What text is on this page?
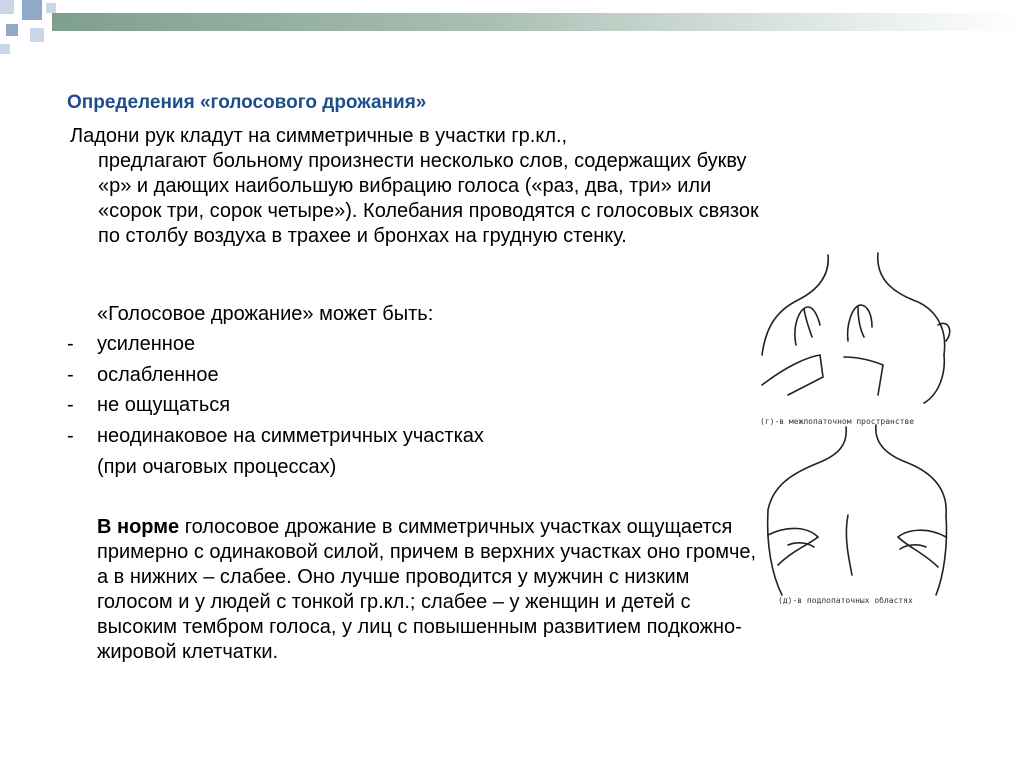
Определения «голосового дрожания»

Ладони рук кладут на симметричные в участки гр.кл.,
предлагают больному произнести несколько слов, содержащих букву «р» и дающих наибольшую вибрацию голоса («раз, два, три» или «сорок три, сорок четыре»). Колебания проводятся с голосовых связок по столбу воздуха в трахее и бронхах на грудную стенку.

«Голосовое дрожание» может быть:
- усиленное
- ослабленное
- не ощущаться
- неодинаковое на симметричных участках
(при очаговых процессах)

В норме голосовое дрожание в симметричных участках ощущается примерно с одинаковой силой, причем в верхних участках оно громче, а в нижних – слабее. Оно лучше проводится у мужчин с низким голосом и у людей с тонкой гр.кл.; слабее – у женщин и детей с высоким тембром голоса, у лиц с повышенным развитием подкожно-жировой клетчатки.

(г)-в межлопаточном пространстве
(д)-в подлопаточных областях
